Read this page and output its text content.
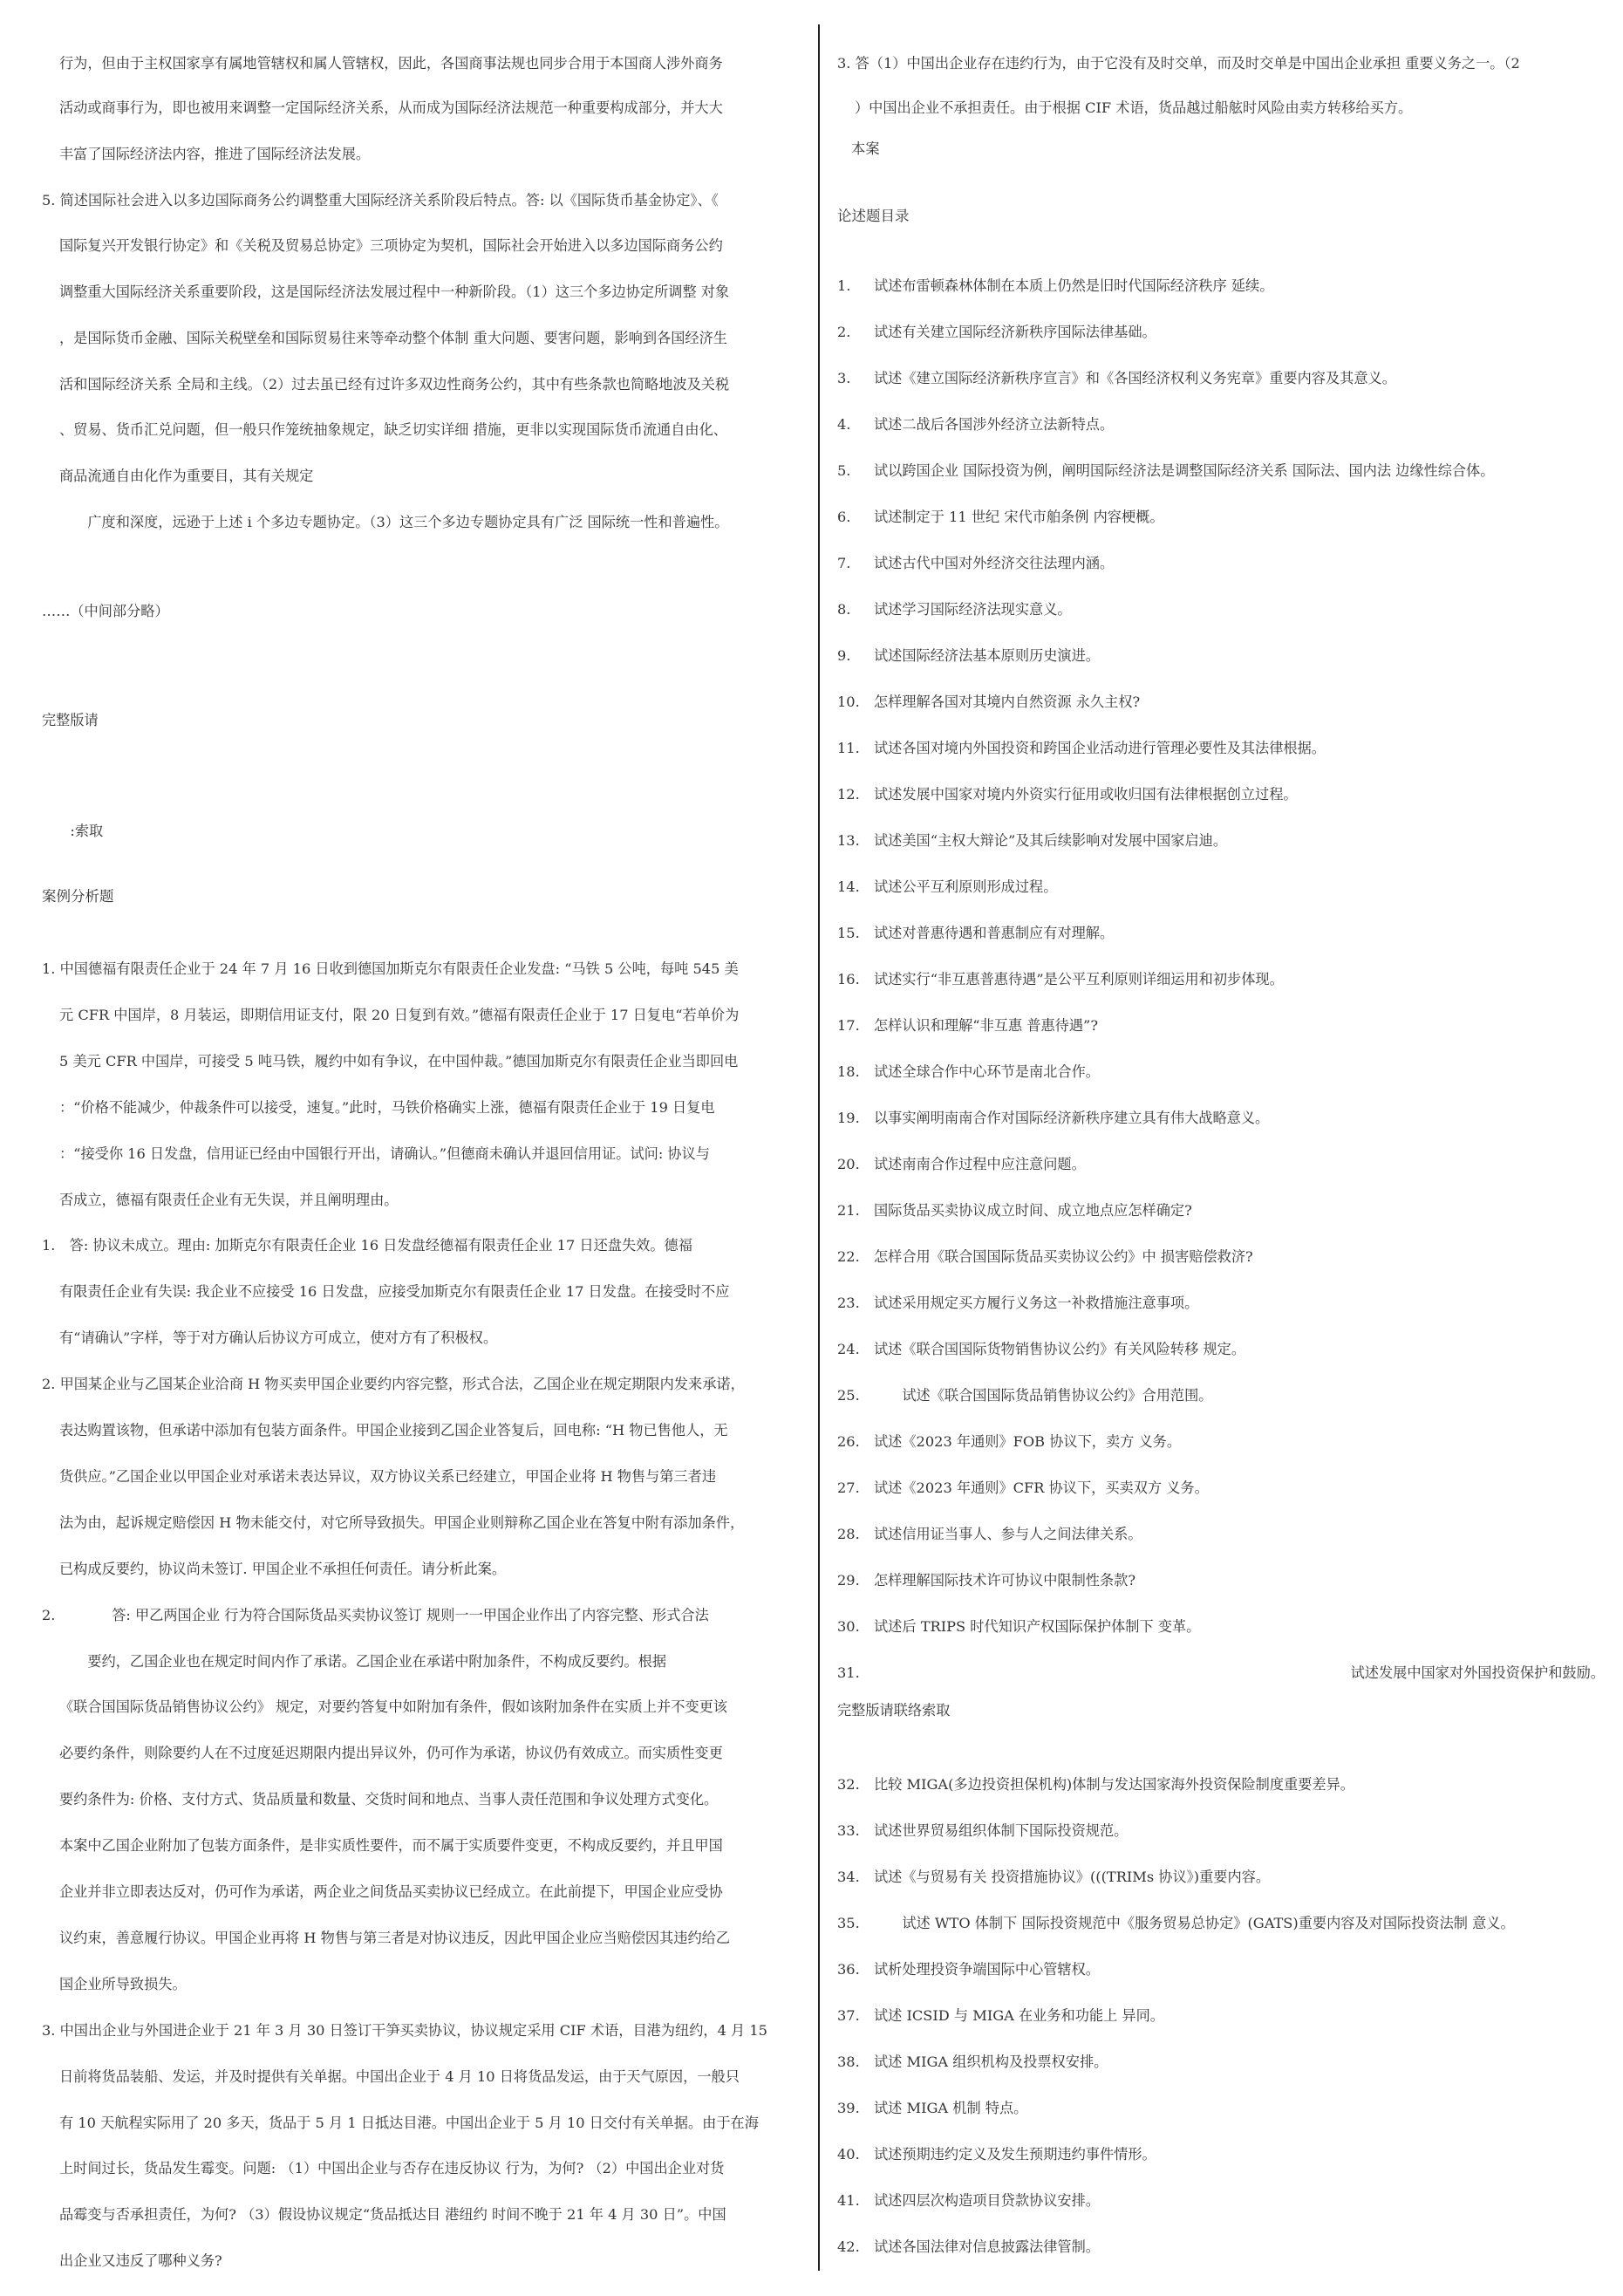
行为，但由于主权国家享有属地管辖权和属人管辖权，因此，各国商事法规也同步合用于本国商人涉外商务
活动或商事行为，即也被用来调整一定国际经济关系，从而成为国际经济法规范一种重要构成部分，并大大
丰富了国际经济法内容，推进了国际经济法发展。
5. 简述国际社会进入以多边国际商务公约调整重大国际经济关系阶段后特点。答: 以《国际货币基金协定》、《
国际复兴开发银行协定》和《关税及贸易总协定》三项协定为契机，国际社会开始进入以多边国际商务公约
调整重大国际经济关系重要阶段，这是国际经济法发展过程中一种新阶段。（1）这三个多边协定所调整 对象
，是国际货币金融、国际关税壁垒和国际贸易往来等牵动整个体制 重大问题、要害问题，影响到各国经济生
活和国际经济关系 全局和主线。（2）过去虽已经有过许多双边性商务公约，其中有些条款也简略地波及关税
、贸易、货币汇兑问题，但一般只作笼统抽象规定，缺乏切实详细 措施，更非以实现国际货币流通自由化、
商品流通自由化作为重要目，其有关规定
　　广度和深度，远逊于上述 i 个多边专题协定。（3）这三个多边专题协定具有广泛 国际统一性和普遍性。
……（中间部分略）
完整版请
　　:索取
案例分析题
1. 中国德福有限责任企业于 24 年 7 月 16 日收到德国加斯克尔有限责任企业发盘: “马铁 5 公吨，每吨 545 美
元 CFR 中国岸，8 月装运，即期信用证支付，限 20 日复到有效。”德福有限责任企业于 17 日复电“若单价为
5 美元 CFR 中国岸，可接受 5 吨马铁，履约中如有争议，在中国仲裁。”德国加斯克尔有限责任企业当即回电
：“价格不能减少，仲裁条件可以接受，速复。”此时，马铁价格确实上涨，德福有限责任企业于 19 日复电
：“接受你 16 日发盘，信用证已经由中国银行开出，请确认。”但德商未确认并退回信用证。试问: 协议与
否成立，德福有限责任企业有无失误，并且阐明理由。
1.　答: 协议未成立。理由: 加斯克尔有限责任企业 16 日发盘经德福有限责任企业 17 日还盘失效。德福
有限责任企业有失误: 我企业不应接受 16 日发盘，应接受加斯克尔有限责任企业 17 日发盘。在接受时不应
有“请确认”字样，等于对方确认后协议方可成立，使对方有了积极权。
2. 甲国某企业与乙国某企业洽商 H 物买卖甲国企业要约内容完整，形式合法，乙国企业在规定期限内发来承诺，
表达购置该物，但承诺中添加有包装方面条件。甲国企业接到乙国企业答复后，回电称: “H 物已售他人，无
货供应。”乙国企业以甲国企业对承诺未表达异议，双方协议关系已经建立，甲国企业将 H 物售与第三者违
法为由，起诉规定赔偿因 H 物未能交付，对它所导致损失。甲国企业则辩称乙国企业在答复中附有添加条件，
已构成反要约，协议尚未签订. 甲国企业不承担任何责任。请分析此案。
2.　　　　答: 甲乙两国企业 行为符合国际货品买卖协议签订 规则一一甲国企业作出了内容完整、形式合法
　　要约，乙国企业也在规定时间内作了承诺。乙国企业在承诺中附加条件，不构成反要约。根据
《联合国国际货品销售协议公约》 规定，对要约答复中如附加有条件，假如该附加条件在实质上并不变更该
必要约条件，则除要约人在不过度延迟期限内提出异议外，仍可作为承诺，协议仍有效成立。而实质性变更
要约条件为: 价格、支付方式、货品质量和数量、交货时间和地点、当事人责任范围和争议处理方式变化。
本案中乙国企业附加了包装方面条件，是非实质性要件，而不属于实质要件变更，不构成反要约，并且甲国
企业并非立即表达反对，仍可作为承诺，两企业之间货品买卖协议已经成立。在此前提下，甲国企业应受协
议约束，善意履行协议。甲国企业再将 H 物售与第三者是对协议违反，因此甲国企业应当赔偿因其违约给乙
国企业所导致损失。
3. 中国出企业与外国进企业于 21 年 3 月 30 日签订干笋买卖协议，协议规定采用 CIF 术语，目港为纽约，4 月 15
日前将货品装船、发运，并及时提供有关单据。中国出企业于 4 月 10 日将货品发运，由于天气原因，一般只
有 10 天航程实际用了 20 多天，货品于 5 月 1 日抵达目港。中国出企业于 5 月 10 日交付有关单据。由于在海
上时间过长，货品发生霉变。问题: （1）中国出企业与否存在违反协议 行为，为何? （2）中国出企业对货
品霉变与否承担责任，为何? （3）假设协议规定“货品抵达目 港纽约 时间不晚于 21 年 4 月 30 日”。中国
出企业又违反了哪种义务?
3. 答（1）中国出企业存在违约行为，由于它没有及时交单，而及时交单是中国出企业承担 重要义务之一。（2
）中国出企业不承担责任。由于根据 CIF 术语，货品越过船舷时风险由卖方转移给买方。
　本案
论述题目录
1. 试述布雷顿森林体制在本质上仍然是旧时代国际经济秩序 延续。
2. 试述有关建立国际经济新秩序国际法律基础。
3. 试述《建立国际经济新秩序宣言》和《各国经济权利义务宪章》重要内容及其意义。
4. 试述二战后各国涉外经济立法新特点。
5. 试以跨国企业 国际投资为例，阐明国际经济法是调整国际经济关系 国际法、国内法 边缘性综合体。
6. 试述制定于 11 世纪 宋代市舶条例 内容梗概。
7. 试述古代中国对外经济交往法理内涵。
8. 试述学习国际经济法现实意义。
9. 试述国际经济法基本原则历史演进。
10. 怎样理解各国对其境内自然资源 永久主权?
11. 试述各国对境内外国投资和跨国企业活动进行管理必要性及其法律根据。
12. 试述发展中国家对境内外资实行征用或收归国有法律根据创立过程。
13. 试述美国“主权大辩论”及其后续影响对发展中国家启迪。
14. 试述公平互利原则形成过程。
15. 试述对普惠待遇和普惠制应有对理解。
16. 试述实行“非互惠普惠待遇”是公平互利原则详细运用和初步体现。
17. 怎样认识和理解“非互惠 普惠待遇”?
18. 试述全球合作中心环节是南北合作。
19. 以事实阐明南南合作对国际经济新秩序建立具有伟大战略意义。
20. 试述南南合作过程中应注意问题。
21. 国际货品买卖协议成立时间、成立地点应怎样确定?
22. 怎样合用《联合国国际货品买卖协议公约》中 损害赔偿救济?
23. 试述采用规定买方履行义务这一补救措施注意事项。
24. 试述《联合国国际货物销售协议公约》有关风险转移 规定。
25.　　试述《联合国国际货品销售协议公约》合用范围。
26. 试述《2023 年通则》FOB 协议下，卖方 义务。
27. 试述《2023 年通则》CFR 协议下，买卖双方 义务。
28. 试述信用证当事人、参与人之间法律关系。
29. 怎样理解国际技术许可协议中限制性条款?
30. 试述后 TRIPS 时代知识产权国际保护体制下 变革。
31.	试述发展中国家对外国投资保护和鼓励。
完整版请联络索取
32. 比较 MIGA(多边投资担保机构)体制与发达国家海外投资保险制度重要差异。
33. 试述世界贸易组织体制下国际投资规范。
34. 试述《与贸易有关 投资措施协议》(((TRIMs 协议》)重要内容。
35.　　试述 WTO 体制下 国际投资规范中《服务贸易总协定》(GATS)重要内容及对国际投资法制 意义。
36. 试析处理投资争端国际中心管辖权。
37. 试述 ICSID 与 MIGA 在业务和功能上 异同。
38. 试述 MIGA 组织机构及投票权安排。
39. 试述 MIGA 机制 特点。
40. 试述预期违约定义及发生预期违约事件情形。
41. 试述四层次构造项目贷款协议安排。
42. 试述各国法律对信息披露法律管制。
